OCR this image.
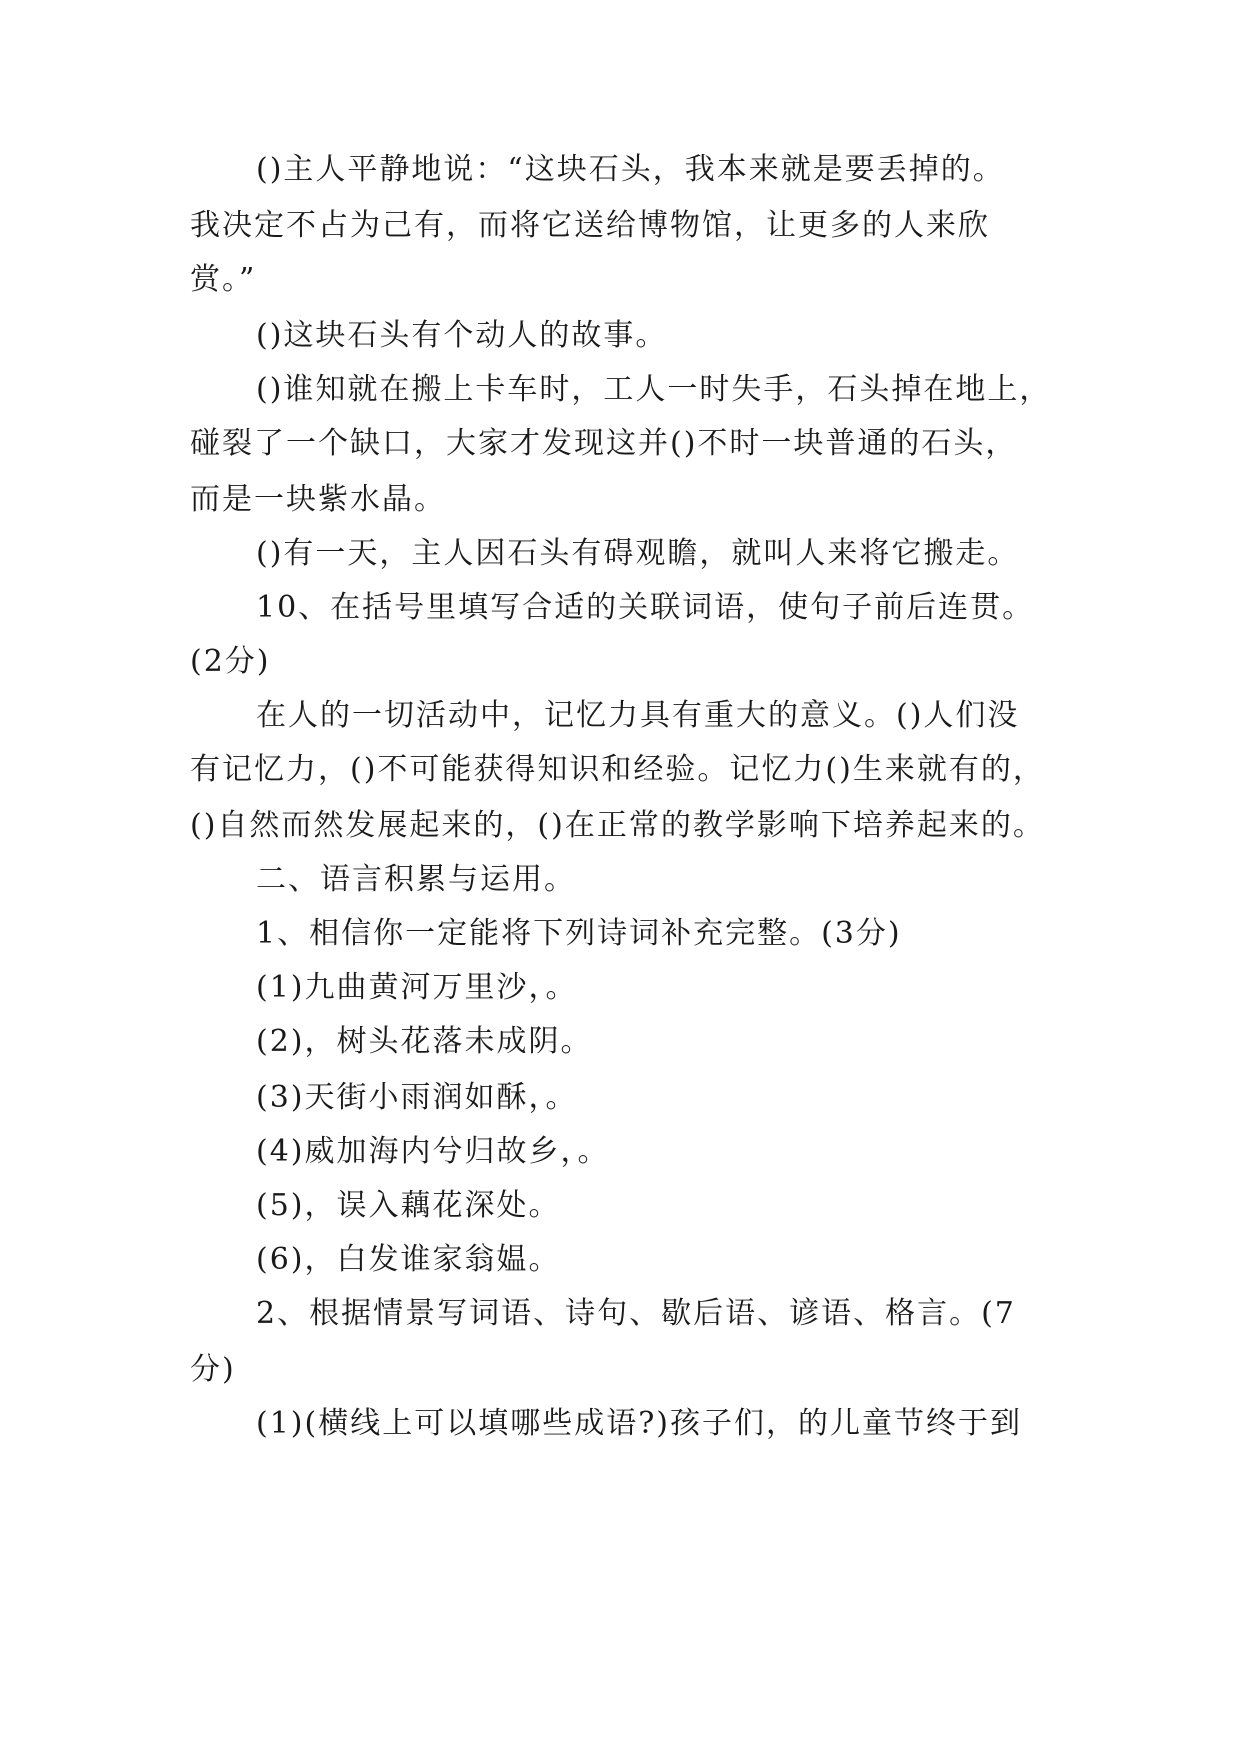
()主人平静地说：“这块石头，我本来就是要丢掉的。
我决定不占为己有，而将它送给博物馆，让更多的人来欣
赏。”
()这块石头有个动人的故事。
()谁知就在搬上卡车时，工人一时失手，石头掉在地上，
碰裂了一个缺口，大家才发现这并()不时一块普通的石头，
而是一块紫水晶。
()有一天，主人因石头有碍观瞻，就叫人来将它搬走。
10、在括号里填写合适的关联词语，使句子前后连贯。
(2分)
在人的一切活动中，记忆力具有重大的意义。()人们没
有记忆力，()不可能获得知识和经验。记忆力()生来就有的，
()自然而然发展起来的，()在正常的教学影响下培养起来的。
二、语言积累与运用。
1、相信你一定能将下列诗词补充完整。(3分)
(1)九曲黄河万里沙，。
(2)，树头花落未成阴。
(3)天街小雨润如酥，。
(4)威加海内兮归故乡，。
(5)，误入藕花深处。
(6)，白发谁家翁媪。
2、根据情景写词语、诗句、歇后语、谚语、格言。(7
分)
(1)(横线上可以填哪些成语?)孩子们，的儿童节终于到
